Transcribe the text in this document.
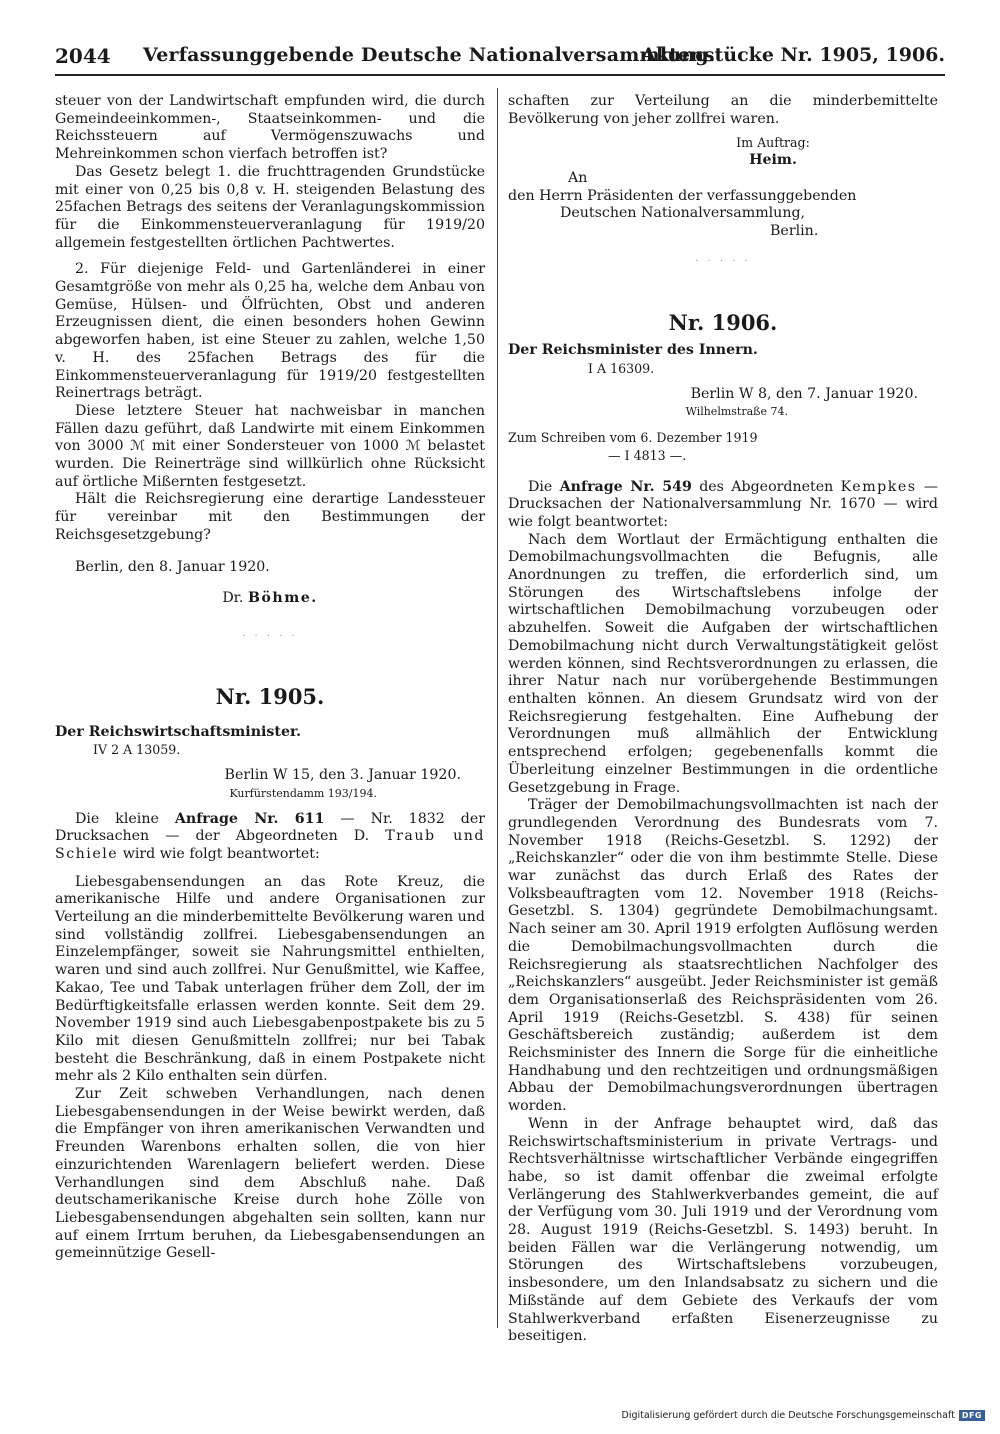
2044 Verfassunggebende Deutsche Nationalversammlung.
Aktenstücke Nr. 1905, 1906.

steuer von der Landwirtschaft empfunden wird, die durch Gemeindeeinkommen-, Staatseinkommen- und die Reichssteuern auf Vermögenszuwachs und Mehreinkommen schon vierfach betroffen ist?

Das Gesetz belegt 1. die fruchttragenden Grundstücke mit einer von 0,25 bis 0,8 v. H. steigenden Belastung des 25fachen Betrags des seitens der Veranlagungskommission für die Einkommensteuerveranlagung für 1919/20 allgemein festgestellten örtlichen Pachtwertes.

2. Für diejenige Feld- und Gartenländerei in einer Gesamtgröße von mehr als 0,25 ha, welche dem Anbau von Gemüse, Hülsen- und Ölfrüchten, Obst und anderen Erzeugnissen dient, die einen besonders hohen Gewinn abgeworfen haben, ist eine Steuer zu zahlen, welche 1,50 v. H. des 25fachen Betrags des für die Einkommensteuerveranlagung für 1919/20 festgestellten Reinertrags beträgt.

Diese letztere Steuer hat nachweisbar in manchen Fällen dazu geführt, daß Landwirte mit einem Einkommen von 3000 ℳ mit einer Sondersteuer von 1000 ℳ belastet wurden. Die Reinerträge sind willkürlich ohne Rücksicht auf örtliche Mißernten festgesetzt.

Hält die Reichsregierung eine derartige Landessteuer für vereinbar mit den Bestimmungen der Reichsgesetzgebung?

Berlin, den 8. Januar 1920.

Dr. Böhme.

· · · · ·

Nr. 1905.

Der Reichswirtschaftsminister.

IV 2 A 13059.

Berlin W 15, den 3. Januar 1920.

Kurfürstendamm 193/194.

Die kleine Anfrage Nr. 611 — Nr. 1832 der Drucksachen — der Abgeordneten D. Traub und Schiele wird wie folgt beantwortet:

Liebesgabensendungen an das Rote Kreuz, die amerikanische Hilfe und andere Organisationen zur Verteilung an die minderbemittelte Bevölkerung waren und sind vollständig zollfrei. Liebesgabensendungen an Einzelempfänger, soweit sie Nahrungsmittel enthielten, waren und sind auch zollfrei. Nur Genußmittel, wie Kaffee, Kakao, Tee und Tabak unterlagen früher dem Zoll, der im Bedürftigkeitsfalle erlassen werden konnte. Seit dem 29. November 1919 sind auch Liebesgabenpostpakete bis zu 5 Kilo mit diesen Genußmitteln zollfrei; nur bei Tabak besteht die Beschränkung, daß in einem Postpakete nicht mehr als 2 Kilo enthalten sein dürfen.

Zur Zeit schweben Verhandlungen, nach denen Liebesgabensendungen in der Weise bewirkt werden, daß die Empfänger von ihren amerikanischen Verwandten und Freunden Warenbons erhalten sollen, die von hier einzurichtenden Warenlagern beliefert werden. Diese Verhandlungen sind dem Abschluß nahe. Daß deutschamerikanische Kreise durch hohe Zölle von Liebesgabensendungen abgehalten sein sollten, kann nur auf einem Irrtum beruhen, da Liebesgabensendungen an gemeinnützige Gesell-

schaften zur Verteilung an die minderbemittelte Bevölkerung von jeher zollfrei waren.

Im Auftrag:

Heim.

An

den Herrn Präsidenten der verfassunggebenden

Deutschen Nationalversammlung,

Berlin.

· · · · ·

Nr. 1906.

Der Reichsminister des Innern.

I A 16309.

Berlin W 8, den 7. Januar 1920.

Wilhelmstraße 74.

Zum Schreiben vom 6. Dezember 1919

— I 4813 —.

Die Anfrage Nr. 549 des Abgeordneten Kempkes — Drucksachen der Nationalversammlung Nr. 1670 — wird wie folgt beantwortet:

Nach dem Wortlaut der Ermächtigung enthalten die Demobilmachungsvollmachten die Befugnis, alle Anordnungen zu treffen, die erforderlich sind, um Störungen des Wirtschaftslebens infolge der wirtschaftlichen Demobilmachung vorzubeugen oder abzuhelfen. Soweit die Aufgaben der wirtschaftlichen Demobilmachung nicht durch Verwaltungstätigkeit gelöst werden können, sind Rechtsverordnungen zu erlassen, die ihrer Natur nach nur vorübergehende Bestimmungen enthalten können. An diesem Grundsatz wird von der Reichsregierung festgehalten. Eine Aufhebung der Verordnungen muß allmählich der Entwicklung entsprechend erfolgen; gegebenenfalls kommt die Überleitung einzelner Bestimmungen in die ordentliche Gesetzgebung in Frage.

Träger der Demobilmachungsvollmachten ist nach der grundlegenden Verordnung des Bundesrats vom 7. November 1918 (Reichs-Gesetzbl. S. 1292) der „Reichskanzler“ oder die von ihm bestimmte Stelle. Diese war zunächst das durch Erlaß des Rates der Volksbeauftragten vom 12. November 1918 (Reichs-Gesetzbl. S. 1304) gegründete Demobilmachungsamt. Nach seiner am 30. April 1919 erfolgten Auflösung werden die Demobilmachungsvollmachten durch die Reichsregierung als staatsrechtlichen Nachfolger des „Reichskanzlers“ ausgeübt. Jeder Reichsminister ist gemäß dem Organisationserlaß des Reichspräsidenten vom 26. April 1919 (Reichs-Gesetzbl. S. 438) für seinen Geschäftsbereich zuständig; außerdem ist dem Reichsminister des Innern die Sorge für die einheitliche Handhabung und den rechtzeitigen und ordnungsmäßigen Abbau der Demobilmachungsverordnungen übertragen worden.

Wenn in der Anfrage behauptet wird, daß das Reichswirtschaftsministerium in private Vertrags- und Rechtsverhältnisse wirtschaftlicher Verbände eingegriffen habe, so ist damit offenbar die zweimal erfolgte Verlängerung des Stahlwerkverbandes gemeint, die auf der Verfügung vom 30. Juli 1919 und der Verordnung vom 28. August 1919 (Reichs-Gesetzbl. S. 1493) beruht. In beiden Fällen war die Verlängerung notwendig, um Störungen des Wirtschaftslebens vorzubeugen, insbesondere, um den Inlandsabsatz zu sichern und die Mißstände auf dem Gebiete des Verkaufs der vom Stahlwerkverband erfaßten Eisenerzeugnisse zu beseitigen.

Digitalisierung gefördert durch die Deutsche Forschungsgemeinschaft DFG
